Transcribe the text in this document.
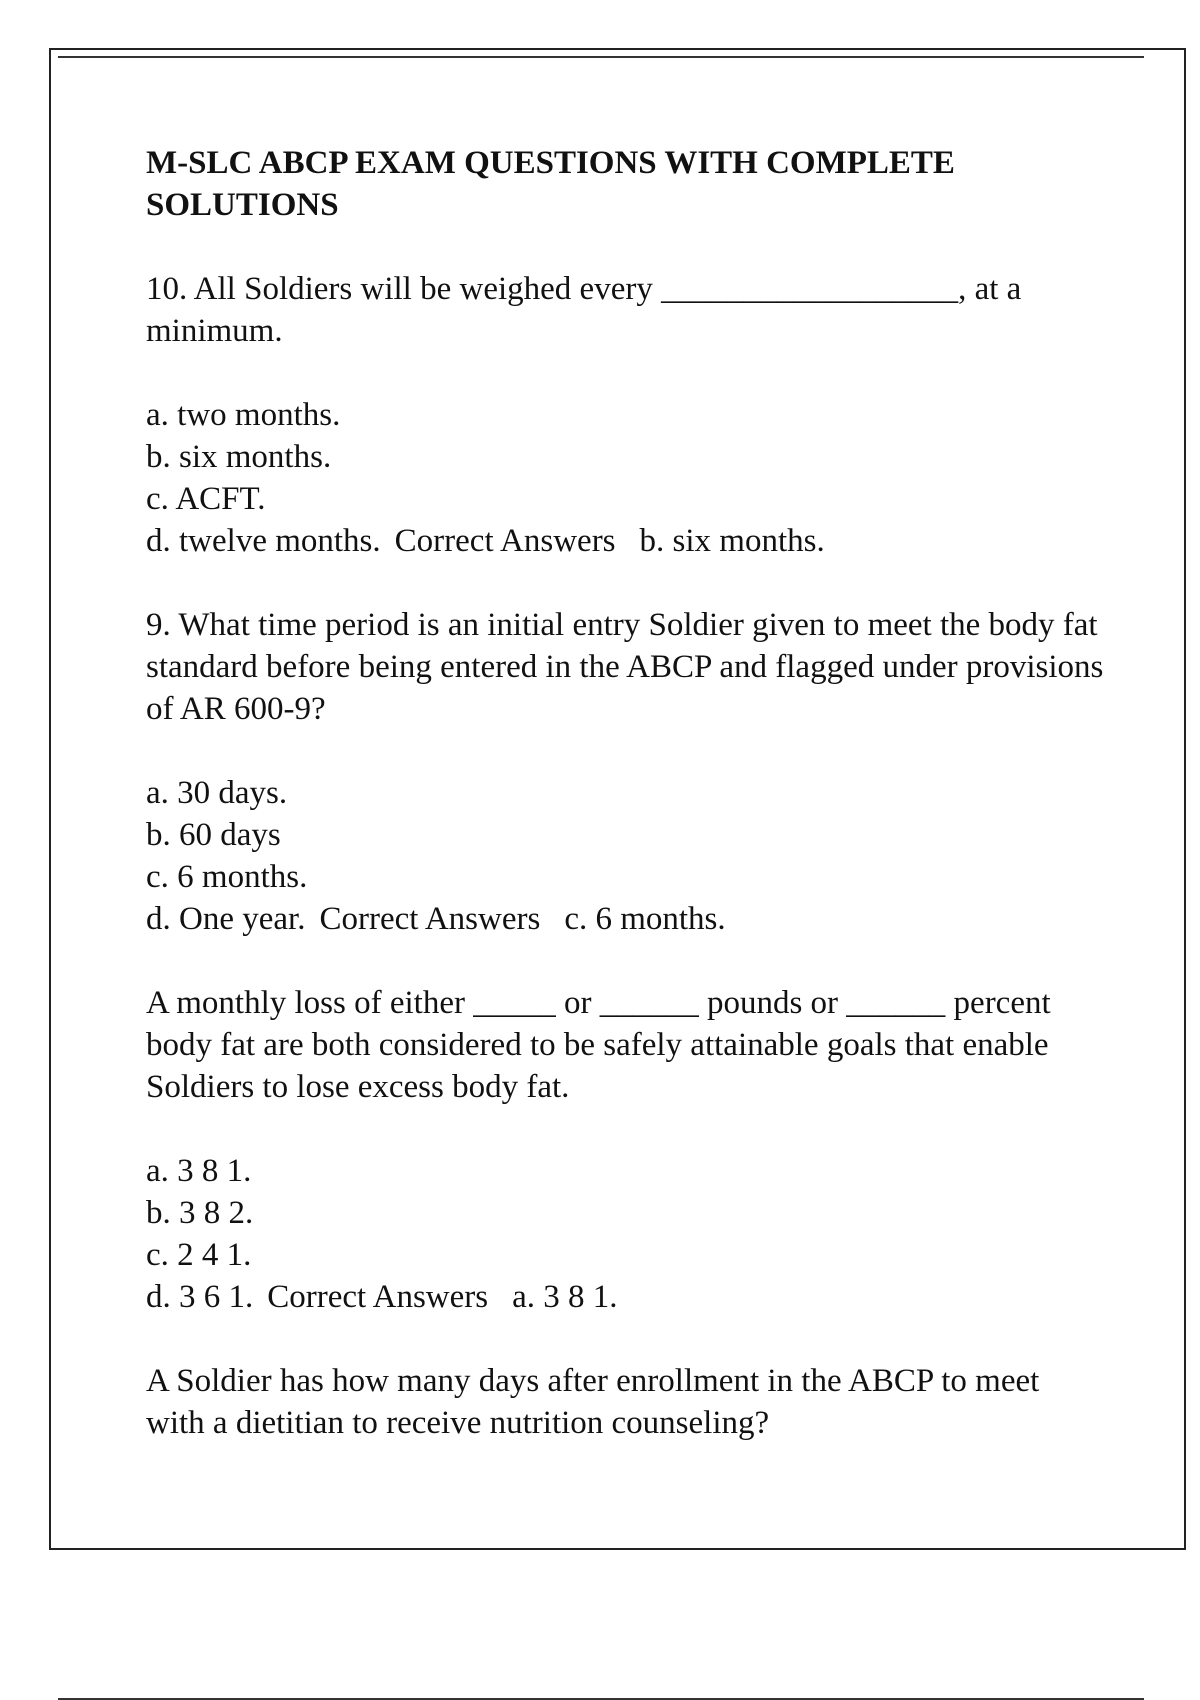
M-SLC ABCP EXAM QUESTIONS WITH COMPLETE SOLUTIONS

10. All Soldiers will be weighed every __________________, at a minimum.

a. two months.

b. six months.

c. ACFT.

d. twelve months. Correct Answers b. six months.

9. What time period is an initial entry Soldier given to meet the body fat standard before being entered in the ABCP and flagged under provisions of AR 600-9?

a. 30 days.

b. 60 days

c. 6 months.

d. One year. Correct Answers c. 6 months.

A monthly loss of either _____ or ______ pounds or ______ percent body fat are both considered to be safely attainable goals that enable Soldiers to lose excess body fat.

a. 3 8 1.

b. 3 8 2.

c. 2 4 1.

d. 3 6 1. Correct Answers a. 3 8 1.

A Soldier has how many days after enrollment in the ABCP to meet with a dietitian to receive nutrition counseling?
